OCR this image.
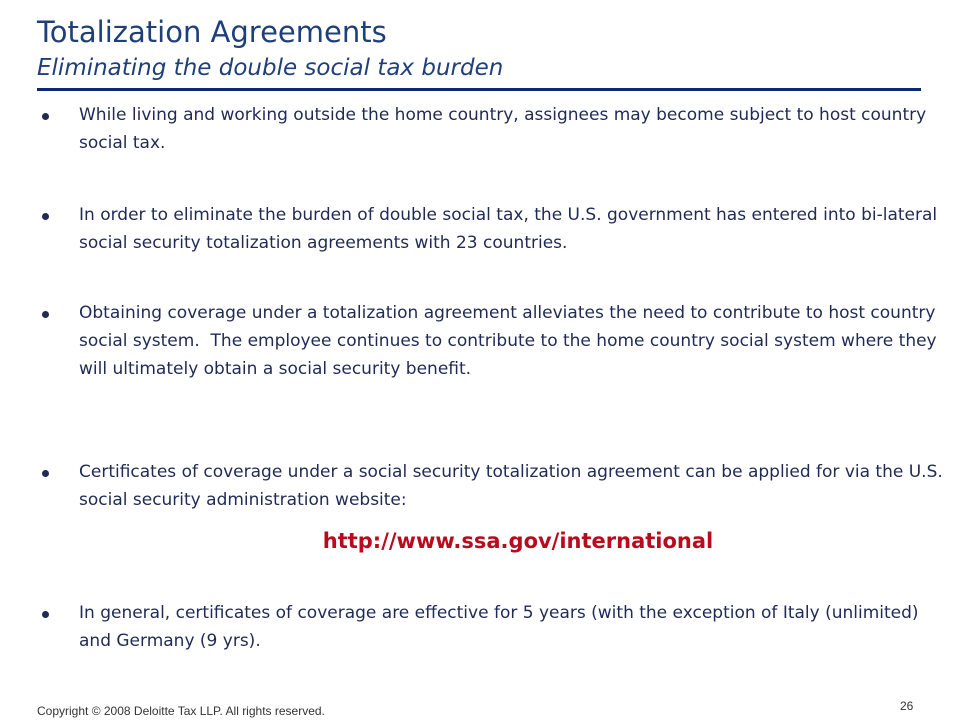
Totalization Agreements
Eliminating the double social tax burden
While living and working outside the home country, assignees may become subject to host country social tax.
In order to eliminate the burden of double social tax, the U.S. government has entered into bi-lateral social security totalization agreements with 23 countries.
Obtaining coverage under a totalization agreement alleviates the need to contribute to host country social system.  The employee continues to contribute to the home country social system where they will ultimately obtain a social security benefit.
Certificates of coverage under a social security totalization agreement can be applied for via the U.S. social security administration website:
In general, certificates of coverage are effective for 5 years (with the exception of Italy (unlimited) and Germany (9 yrs).
http://www.ssa.gov/international
Copyright © 2008 Deloitte Tax LLP. All rights reserved.	26
